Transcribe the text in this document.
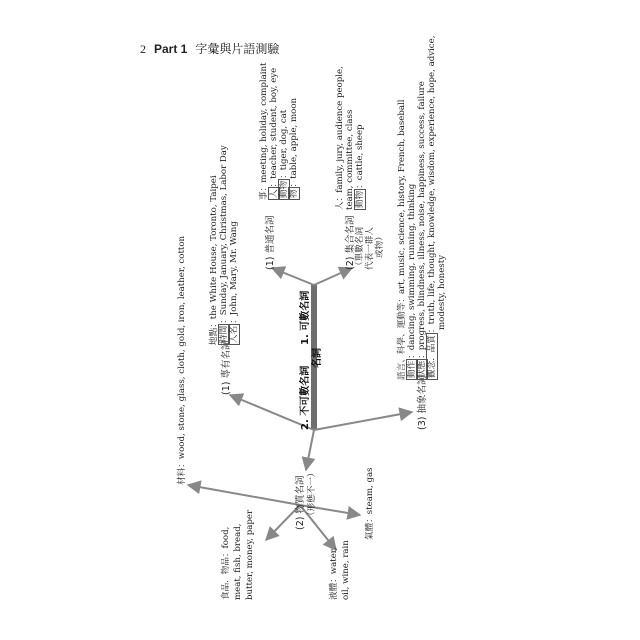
2 Part 1 字彙與片語測驗
1. 可數名詞
名詞
2. 不可數名詞
(1) 普通名詞
事：meeting, holiday, complaint
人：teacher, student, boy, eye
動物：tiger, dog, cat
物：table, apple, moon
(2) 集合名詞 （單數名詞 代表一群人 或物）
人：family, jury, audience people, team, committee, class 動物：cattle, sheep
(1) 專有名詞
地點：the White House, Toronto, Taipei
時間：Sunday, January, Christmas, Labor Day
人名：John, Mary, Mr. Wang
(3) 抽象名詞
語言、科學、運動等：art, music, science, history, French, baseball 動作：dancing, swimming, running, thinking
狀態：progress, blindness, illness, noise, happiness, success, failure 觀念．品質：truth, life, thought, knowledge, wisdom, experience, hope, advice, modesty, honesty
(2) 物質名詞 （形態不一）
材料：wood, stone, glass, cloth, gold, iron, leather, cotton
食品．物品：food, meat, fish, bread, butter, money, paper	液體：water, oil, wine, rain
氣體：steam, gas
